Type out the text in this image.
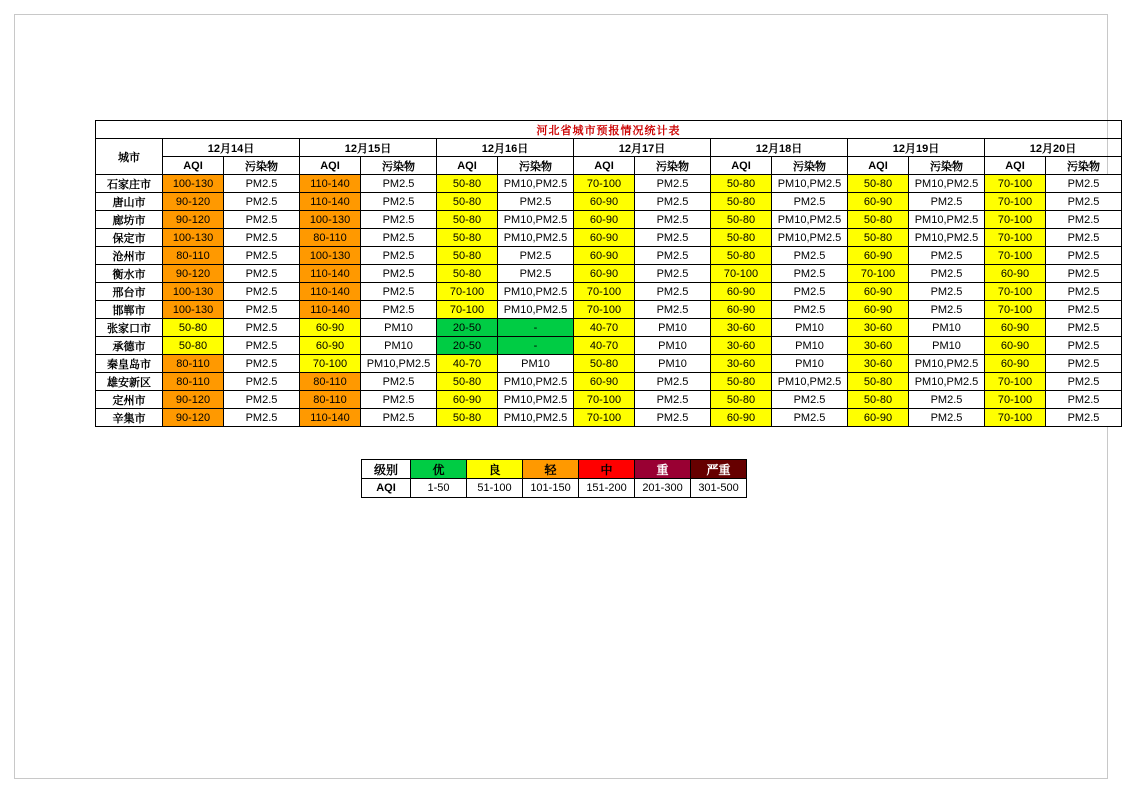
河北省城市预报情况统计表														
城市	12月14日		12月15日		12月16日		12月17日		12月18日		12月19日		12月20日	
	AQI	污染物	AQI	污染物	AQI	污染物	AQI	污染物	AQI	污染物	AQI	污染物	AQI	污染物
石家庄市	100-130	PM2.5	110-140	PM2.5	50-80	PM10,PM2.5	70-100	PM2.5	50-80	PM10,PM2.5	50-80	PM10,PM2.5	70-100	PM2.5
唐山市	90-120	PM2.5	110-140	PM2.5	50-80	PM2.5	60-90	PM2.5	50-80	PM2.5	60-90	PM2.5	70-100	PM2.5
廊坊市	90-120	PM2.5	100-130	PM2.5	50-80	PM10,PM2.5	60-90	PM2.5	50-80	PM10,PM2.5	50-80	PM10,PM2.5	70-100	PM2.5
保定市	100-130	PM2.5	80-110	PM2.5	50-80	PM10,PM2.5	60-90	PM2.5	50-80	PM10,PM2.5	50-80	PM10,PM2.5	70-100	PM2.5
沧州市	80-110	PM2.5	100-130	PM2.5	50-80	PM2.5	60-90	PM2.5	50-80	PM2.5	60-90	PM2.5	70-100	PM2.5
衡水市	90-120	PM2.5	110-140	PM2.5	50-80	PM2.5	60-90	PM2.5	70-100	PM2.5	70-100	PM2.5	60-90	PM2.5
邢台市	100-130	PM2.5	110-140	PM2.5	70-100	PM10,PM2.5	70-100	PM2.5	60-90	PM2.5	60-90	PM2.5	70-100	PM2.5
邯郸市	100-130	PM2.5	110-140	PM2.5	70-100	PM10,PM2.5	70-100	PM2.5	60-90	PM2.5	60-90	PM2.5	70-100	PM2.5
张家口市	50-80	PM2.5	60-90	PM10	20-50	-	40-70	PM10	30-60	PM10	30-60	PM10	60-90	PM2.5
承德市	50-80	PM2.5	60-90	PM10	20-50	-	40-70	PM10	30-60	PM10	30-60	PM10	60-90	PM2.5
秦皇岛市	80-110	PM2.5	70-100	PM10,PM2.5	40-70	PM10	50-80	PM10	30-60	PM10	30-60	PM10,PM2.5	60-90	PM2.5
雄安新区	80-110	PM2.5	80-110	PM2.5	50-80	PM10,PM2.5	60-90	PM2.5	50-80	PM10,PM2.5	50-80	PM10,PM2.5	70-100	PM2.5
定州市	90-120	PM2.5	80-110	PM2.5	60-90	PM10,PM2.5	70-100	PM2.5	50-80	PM2.5	50-80	PM2.5	70-100	PM2.5
辛集市	90-120	PM2.5	110-140	PM2.5	50-80	PM10,PM2.5	70-100	PM2.5	60-90	PM2.5	60-90	PM2.5	70-100	PM2.5
级别	优	良	轻	中	重	严重
AQI	1-50	51-100	101-150	151-200	201-300	301-500
